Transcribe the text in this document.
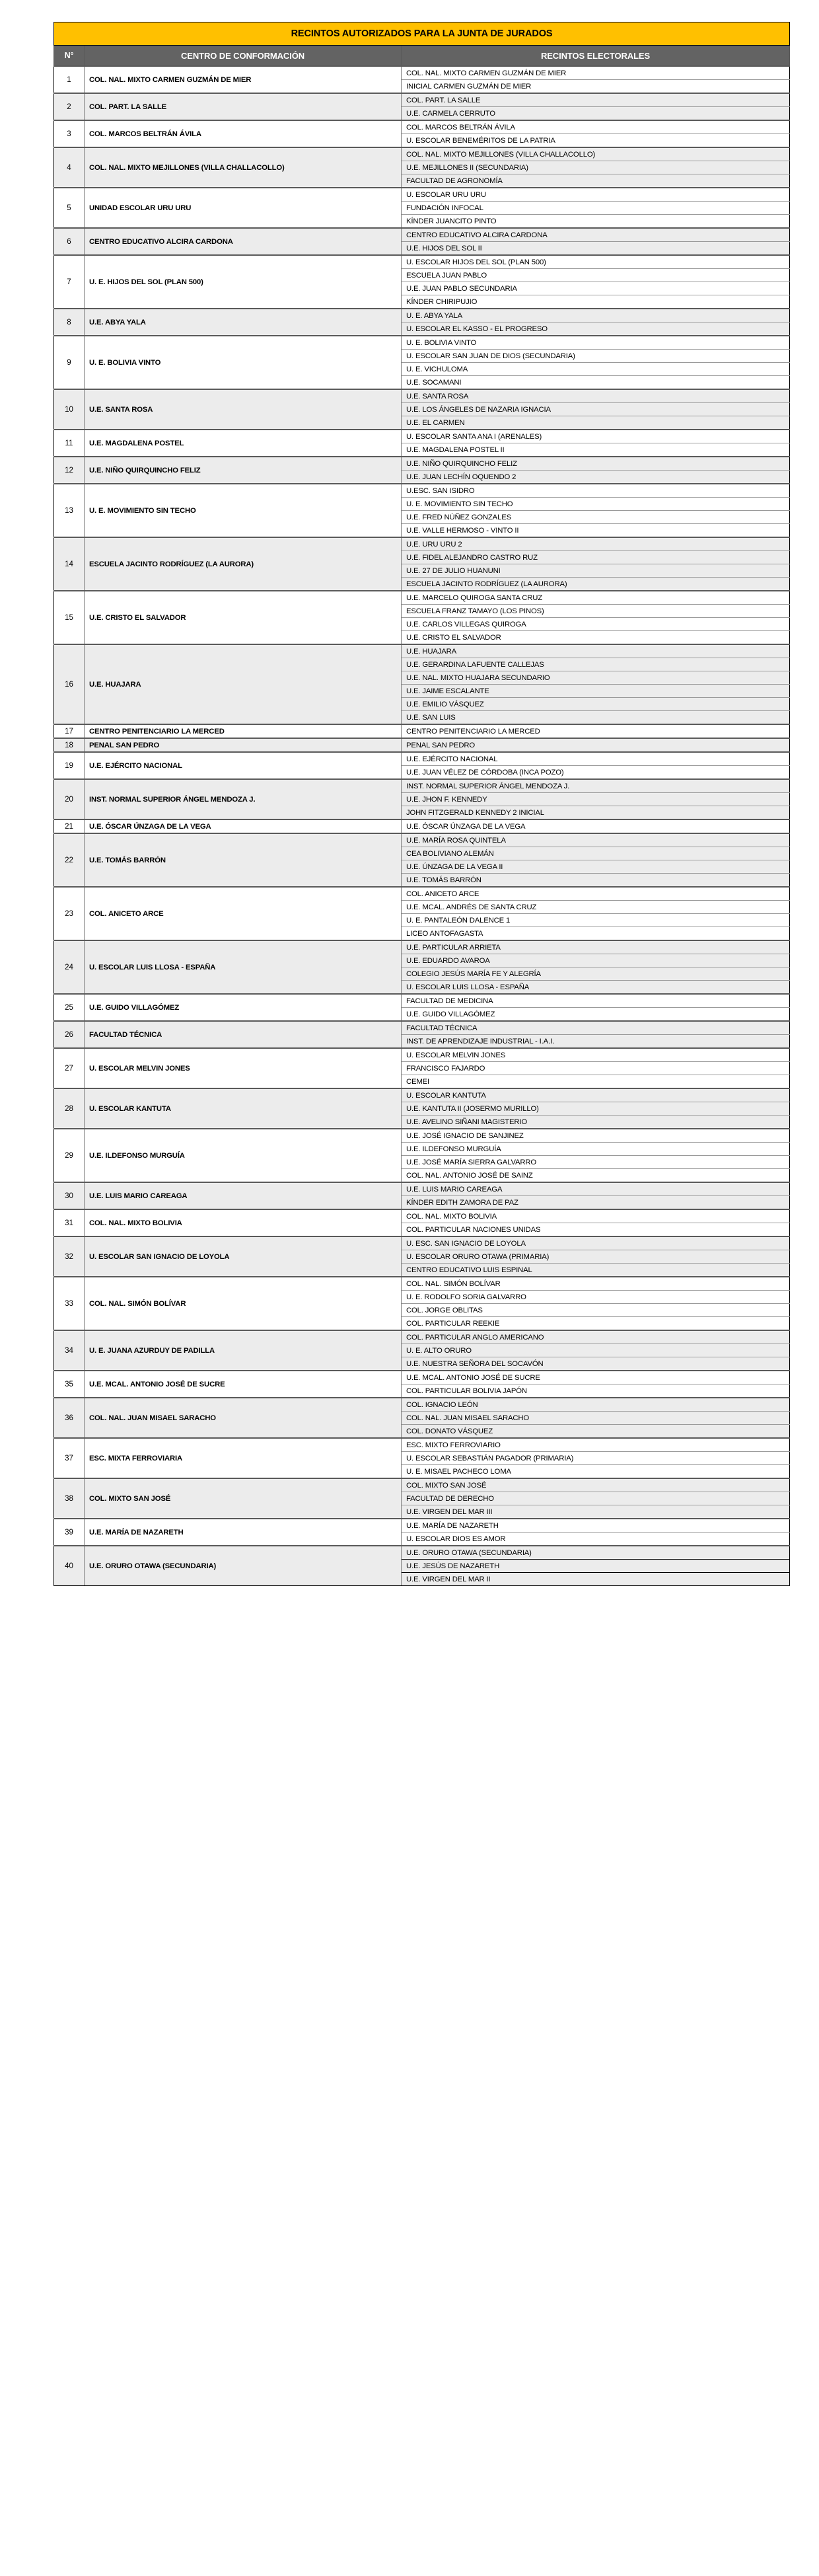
RECINTOS AUTORIZADOS PARA LA JUNTA DE JURADOS		
N°	CENTRO DE CONFORMACIÓN	RECINTOS ELECTORALES
1	COL. NAL. MIXTO CARMEN GUZMÁN DE MIER	COL. NAL. MIXTO CARMEN GUZMÁN DE MIER
		INICIAL CARMEN GUZMÁN DE MIER
2	COL. PART. LA SALLE	COL. PART. LA SALLE
		U.E. CARMELA CERRUTO
3	COL. MARCOS BELTRÁN ÁVILA	COL. MARCOS BELTRÁN ÁVILA
		U. ESCOLAR BENEMÉRITOS DE LA PATRIA
4	COL. NAL. MIXTO MEJILLONES (VILLA CHALLACOLLO)	COL. NAL. MIXTO MEJILLONES (VILLA CHALLACOLLO)
		U.E. MEJILLONES II (SECUNDARIA)
		FACULTAD DE AGRONOMÍA
5	UNIDAD ESCOLAR URU URU	U. ESCOLAR URU URU
		FUNDACIÓN INFOCAL
		KÍNDER JUANCITO PINTO
6	CENTRO EDUCATIVO ALCIRA CARDONA	CENTRO EDUCATIVO ALCIRA CARDONA
		U.E. HIJOS DEL SOL II
7	U. E. HIJOS DEL SOL (PLAN 500)	U. ESCOLAR HIJOS DEL SOL (PLAN 500)
		ESCUELA JUAN PABLO
		U.E. JUAN PABLO SECUNDARIA
		KÍNDER CHIRIPUJIO
8	U.E. ABYA YALA	U. E. ABYA YALA
		U. ESCOLAR EL KASSO - EL PROGRESO
9	U. E. BOLIVIA VINTO	U. E. BOLIVIA VINTO
		U. ESCOLAR SAN JUAN DE DIOS (SECUNDARIA)
		U. E. VICHULOMA
		U.E. SOCAMANI
10	U.E. SANTA ROSA	U.E. SANTA ROSA
		U.E. LOS ÁNGELES DE NAZARIA IGNACIA
		U.E. EL CARMEN
11	U.E. MAGDALENA POSTEL	U. ESCOLAR SANTA ANA I (ARENALES)
		U.E. MAGDALENA POSTEL II
12	U.E. NIÑO QUIRQUINCHO FELIZ	U.E. NIÑO QUIRQUINCHO FELIZ
		U.E. JUAN LECHÍN OQUENDO 2
13	U. E. MOVIMIENTO SIN TECHO	U.ESC. SAN ISIDRO
		U. E. MOVIMIENTO SIN TECHO
		U.E. FRED NÚÑEZ GONZALES
		U.E. VALLE HERMOSO - VINTO II
14	ESCUELA JACINTO RODRÍGUEZ (LA AURORA)	U.E. URU URU 2
		U.E. FIDEL ALEJANDRO CASTRO RUZ
		U.E. 27 DE JULIO HUANUNI
		ESCUELA JACINTO RODRÍGUEZ (LA AURORA)
15	U.E. CRISTO EL SALVADOR	U.E. MARCELO QUIROGA SANTA CRUZ
		ESCUELA FRANZ TAMAYO (LOS PINOS)
		U.E. CARLOS VILLEGAS QUIROGA
		U.E. CRISTO EL SALVADOR
16	U.E. HUAJARA	U.E. HUAJARA
		U.E. GERARDINA LAFUENTE CALLEJAS
		U.E. NAL. MIXTO HUAJARA SECUNDARIO
		U.E. JAIME ESCALANTE
		U.E. EMILIO VÁSQUEZ
		U.E. SAN LUIS
17	CENTRO PENITENCIARIO LA MERCED	CENTRO PENITENCIARIO LA MERCED
18	PENAL SAN PEDRO	PENAL SAN PEDRO
19	U.E. EJÉRCITO NACIONAL	U.E. EJÉRCITO NACIONAL
		U.E. JUAN VÉLEZ DE CÓRDOBA (INCA POZO)
20	INST. NORMAL SUPERIOR ÁNGEL MENDOZA J.	INST. NORMAL SUPERIOR ÁNGEL MENDOZA J.
		U.E. JHON F. KENNEDY
		JOHN FITZGERALD KENNEDY 2 INICIAL
21	U.E. ÓSCAR ÚNZAGA DE LA VEGA	U.E. ÓSCAR ÚNZAGA DE LA VEGA
22	U.E. TOMÁS BARRÓN	U.E. MARÍA ROSA QUINTELA
		CEA BOLIVIANO ALEMÁN
		U.E. ÚNZAGA DE LA VEGA II
		U.E. TOMÁS BARRÓN
23	COL. ANICETO ARCE	COL. ANICETO ARCE
		U.E. MCAL. ANDRÉS DE SANTA CRUZ
		U. E. PANTALEÓN DALENCE 1
		LICEO ANTOFAGASTA
24	U. ESCOLAR LUIS LLOSA - ESPAÑA	U.E. PARTICULAR ARRIETA
		U.E. EDUARDO AVAROA
		COLEGIO JESÚS MARÍA FE Y ALEGRÍA
		U. ESCOLAR LUIS LLOSA - ESPAÑA
25	U.E. GUIDO VILLAGÓMEZ	FACULTAD DE MEDICINA
		U.E. GUIDO VILLAGÓMEZ
26	FACULTAD TÉCNICA	FACULTAD TÉCNICA
		INST. DE APRENDIZAJE INDUSTRIAL - I.A.I.
27	U. ESCOLAR MELVIN JONES	U. ESCOLAR MELVIN JONES
		FRANCISCO FAJARDO
		CEMEI
28	U. ESCOLAR KANTUTA	U. ESCOLAR KANTUTA
		U.E. KANTUTA II (JOSERMO MURILLO)
		U.E. AVELINO SIÑANI MAGISTERIO
29	U.E. ILDEFONSO MURGUÍA	U.E. JOSÉ IGNACIO DE SANJINEZ
		U.E. ILDEFONSO MURGUÍA
		U.E. JOSÉ MARÍA SIERRA GALVARRO
		COL. NAL. ANTONIO JOSÉ DE SAINZ
30	U.E. LUIS MARIO CAREAGA	U.E. LUIS MARIO CAREAGA
		KÍNDER EDITH ZAMORA DE PAZ
31	COL. NAL. MIXTO BOLIVIA	COL. NAL. MIXTO BOLIVIA
		COL. PARTICULAR NACIONES UNIDAS
32	U. ESCOLAR SAN IGNACIO DE LOYOLA	U. ESC. SAN IGNACIO DE LOYOLA
		U. ESCOLAR ORURO OTAWA (PRIMARIA)
		CENTRO EDUCATIVO LUIS ESPINAL
33	COL. NAL. SIMÓN BOLÍVAR	COL. NAL. SIMÓN BOLÍVAR
		U. E. RODOLFO SORIA GALVARRO
		COL. JORGE OBLITAS
		COL. PARTICULAR REEKIE
34	U. E. JUANA AZURDUY DE PADILLA	COL. PARTICULAR ANGLO AMERICANO
		U. E. ALTO ORURO
		U.E. NUESTRA SEÑORA DEL SOCAVÓN
35	U.E. MCAL. ANTONIO JOSÉ DE SUCRE	U.E. MCAL. ANTONIO JOSÉ DE SUCRE
		COL. PARTICULAR BOLIVIA JAPÓN
36	COL. NAL. JUAN MISAEL SARACHO	COL. IGNACIO LEÓN
		COL. NAL. JUAN MISAEL SARACHO
		COL. DONATO VÁSQUEZ
37	ESC. MIXTA FERROVIARIA	ESC. MIXTO FERROVIARIO
		U. ESCOLAR SEBASTIÁN PAGADOR (PRIMARIA)
		U. E. MISAEL PACHECO LOMA
38	COL. MIXTO SAN JOSÉ	COL. MIXTO SAN JOSÉ
		FACULTAD DE DERECHO
		U.E. VIRGEN DEL MAR III
39	U.E. MARÍA DE NAZARETH	U.E. MARÍA DE NAZARETH
		U. ESCOLAR DIOS ES AMOR
40	U.E. ORURO OTAWA (SECUNDARIA)	U.E. ORURO OTAWA (SECUNDARIA)
		U.E. JESÚS DE NAZARETH
		U.E. VIRGEN DEL MAR II
